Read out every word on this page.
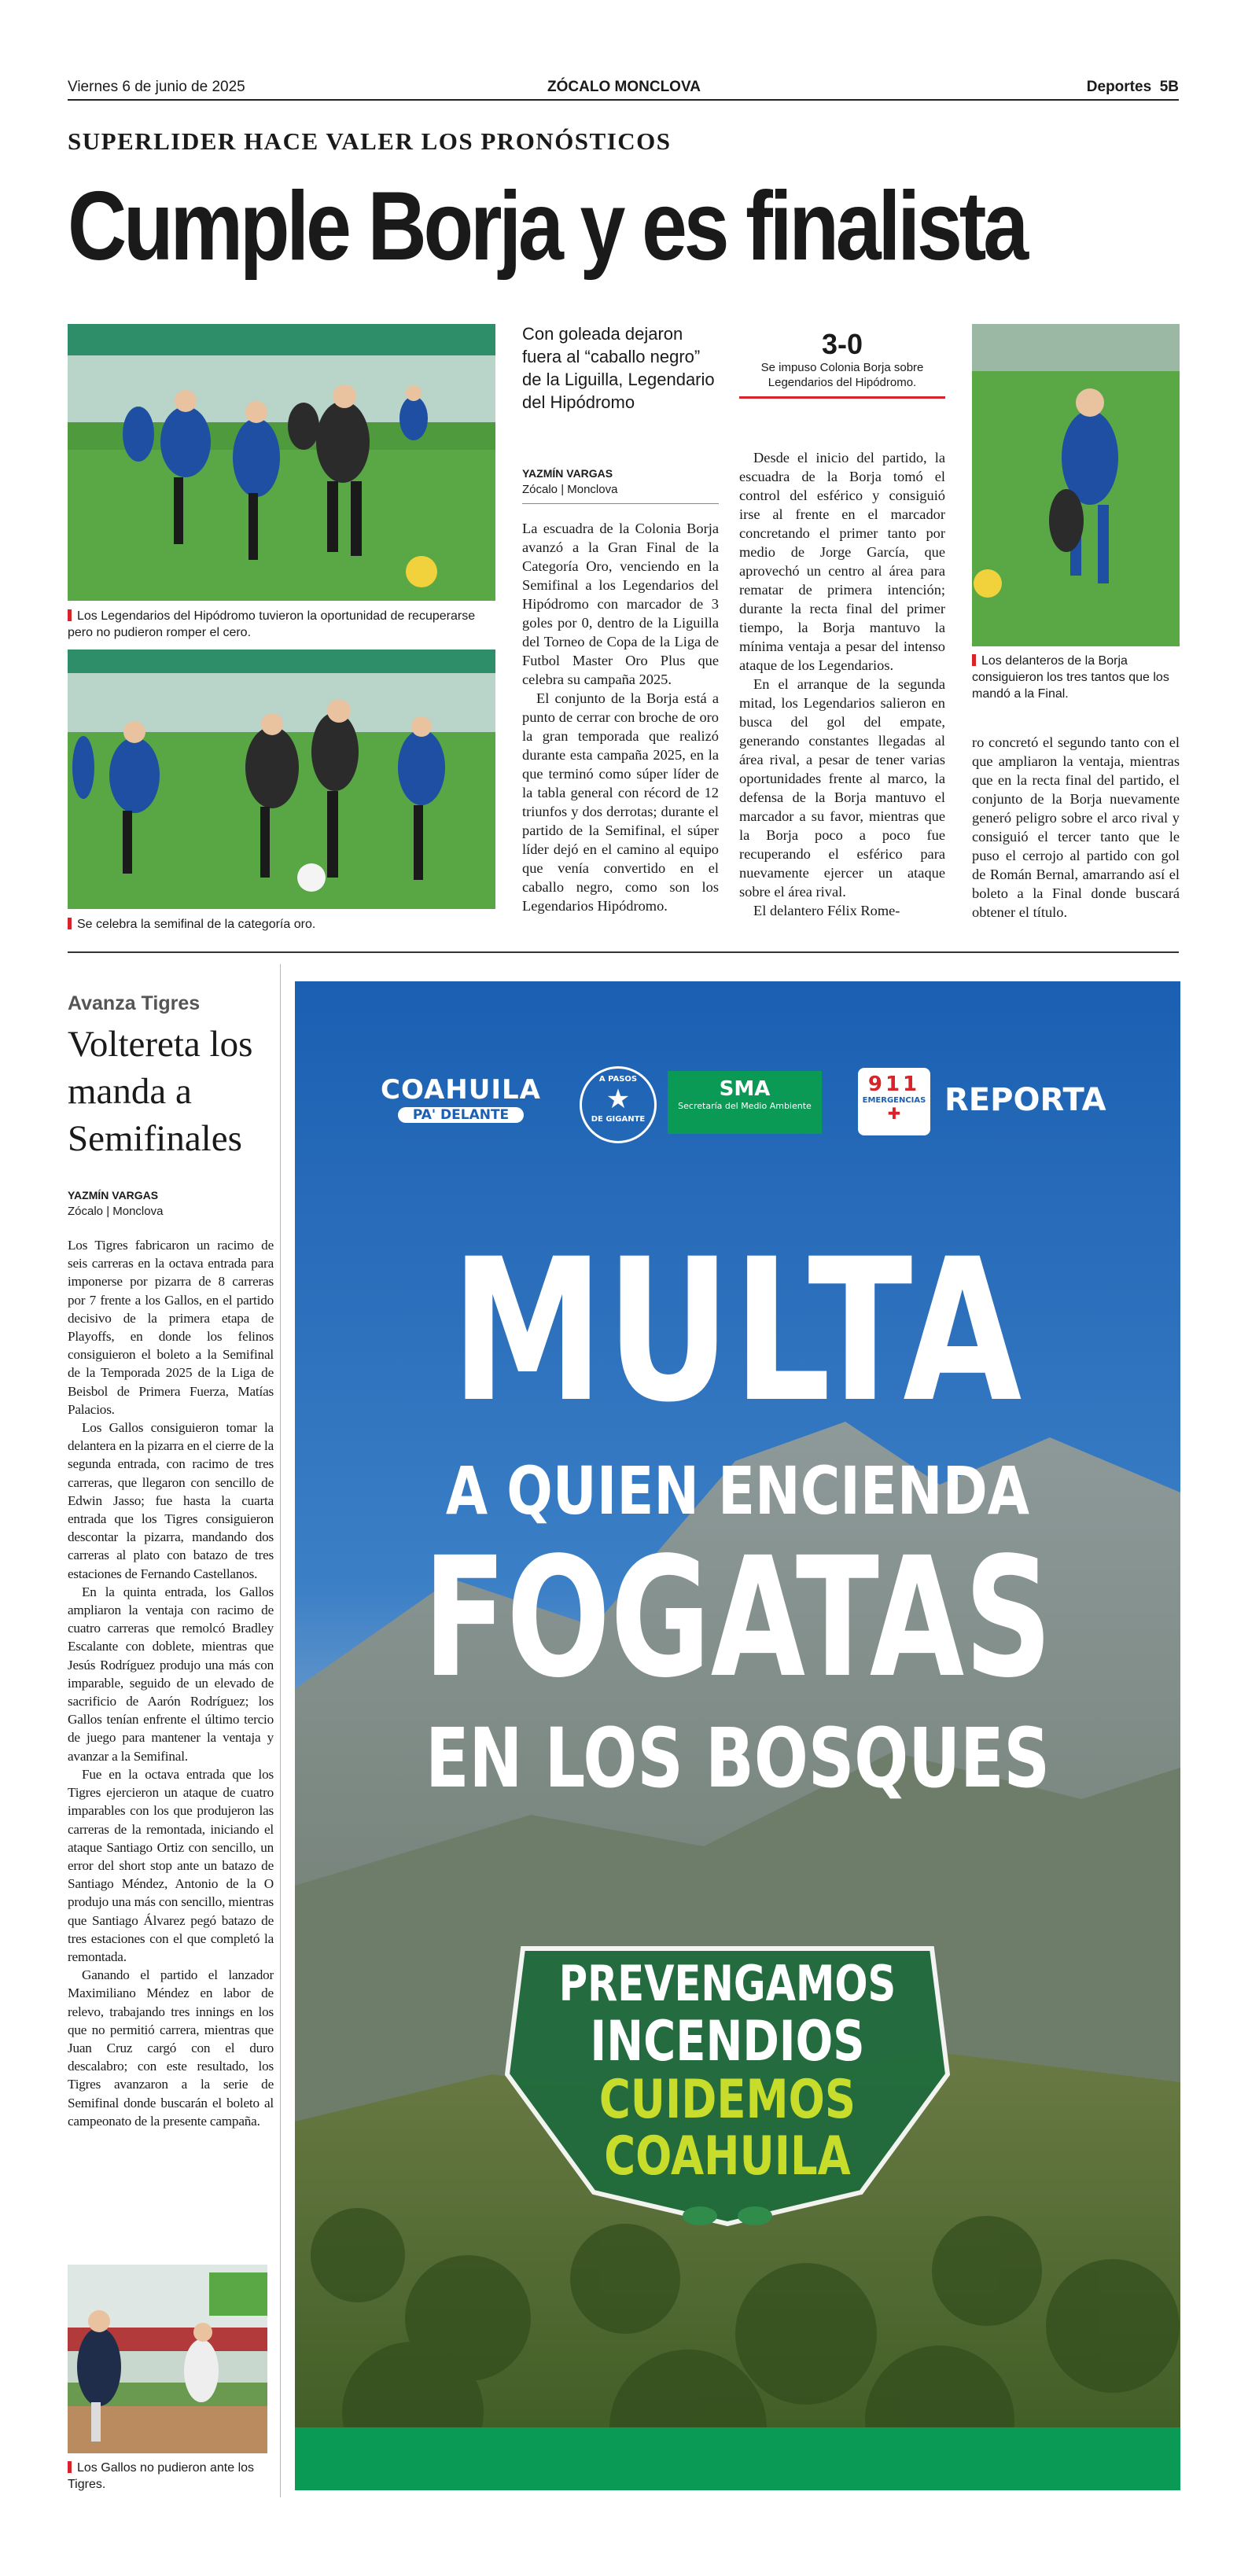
Viernes 6 de junio de 2025	ZÓCALO MONCLOVA	Deportes 5B
SUPERLIDER HACE VALER LOS PRONÓSTICOS
Cumple Borja y es finalista
Los Legendarios del Hipódromo tuvieron la oportunidad de recuperarse pero no pudieron romper el cero.
Se celebra la semifinal de la categoría oro.
Con goleada dejaron fuera al “caballo negro” de la Liguilla, Legendario del Hipódromo
YAZMÍN VARGAS
Zócalo | Monclova
3-0
Se impuso Colonia Borja sobre Legendarios del Hipódromo.

La escuadra de la Colonia Borja avanzó a la Gran Final de la Categoría Oro, venciendo en la Semifinal a los Legendarios del Hipódromo con marcador de 3 goles por 0, dentro de la Liguilla del Torneo de Copa de la Liga de Futbol Master Oro Plus que celebra su campaña 2025.

El conjunto de la Borja está a punto de cerrar con broche de oro la gran temporada que realizó durante esta campaña 2025, en la que terminó como súper líder de la tabla general con récord de 12 triunfos y dos derrotas; durante el partido de la Semifinal, el súper líder dejó en el camino al equipo que venía convertido en el caballo negro, como son los Legendarios Hipódromo.

Desde el inicio del partido, la escuadra de la Borja tomó el control del esférico y consiguió irse al frente en el marcador concretando el primer tanto por medio de Jorge García, que aprovechó un centro al área para rematar de primera intención; durante la recta final del primer tiempo, la Borja mantuvo la mínima ventaja a pesar del intenso ataque de los Legendarios.

En el arranque de la segunda mitad, los Legendarios salieron en busca del gol del empate, generando constantes llegadas al área rival, a pesar de tener varias oportunidades frente al marco, la defensa de la Borja mantuvo el marcador a su favor, mientras que la Borja poco a poco fue recuperando el esférico para nuevamente ejercer un ataque sobre el área rival.

El delantero Félix Rome-

Los delanteros de la Borja consiguieron los tres tantos que los mandó a la Final.

ro concretó el segundo tanto con el que ampliaron la ventaja, mientras que en la recta final del partido, el conjunto de la Borja nuevamente generó peligro sobre el arco rival y consiguió el tercer tanto que le puso el cerrojo al partido con gol de Román Bernal, amarrando así el boleto a la Final donde buscará obtener el título.

Avanza Tigres
Voltereta los manda a Semifinales
YAZMÍN VARGAS
Zócalo | Monclova

Los Tigres fabricaron un racimo de seis carreras en la octava entrada para imponerse por pizarra de 8 carreras por 7 frente a los Gallos, en el partido decisivo de la primera etapa de Playoffs, en donde los felinos consiguieron el boleto a la Semifinal de la Temporada 2025 de la Liga de Beisbol de Primera Fuerza, Matías Palacios.

Los Gallos consiguieron tomar la delantera en la pizarra en el cierre de la segunda entrada, con racimo de tres carreras, que llegaron con sencillo de Edwin Jasso; fue hasta la cuarta entrada que los Tigres consiguieron descontar la pizarra, mandando dos carreras al plato con batazo de tres estaciones de Fernando Castellanos.

En la quinta entrada, los Gallos ampliaron la ventaja con racimo de cuatro carreras que remolcó Bradley Escalante con doblete, mientras que Jesús Rodríguez produjo una más con imparable, seguido de un elevado de sacrificio de Aarón Rodríguez; los Gallos tenían enfrente el último tercio de juego para mantener la ventaja y avanzar a la Semifinal.

Fue en la octava entrada que los Tigres ejercieron un ataque de cuatro imparables con los que produjeron las carreras de la remontada, iniciando el ataque Santiago Ortiz con sencillo, un error del short stop ante un batazo de Santiago Méndez, Antonio de la O produjo una más con sencillo, mientras que Santiago Álvarez pegó batazo de tres estaciones con el que completó la remontada.

Ganando el partido el lanzador Maximiliano Méndez en labor de relevo, trabajando tres innings en los que no permitió carrera, mientras que Juan Cruz cargó con el duro descalabro; con este resultado, los Tigres avanzaron a la serie de Semifinal donde buscarán el boleto al campeonato de la presente campaña.

Los Gallos no pudieron ante los Tigres.
COAHUILA
PA' DELANTE
A PASOS
★
DE GIGANTE
SMA
Secretaría del Medio Ambiente
911
EMERGENCIAS
✚	REPORTA
MULTA
A QUIEN ENCIENDA
FOGATAS
EN LOS BOSQUES
PREVENGAMOS
INCENDIOS
CUIDEMOS
COAHUILA
